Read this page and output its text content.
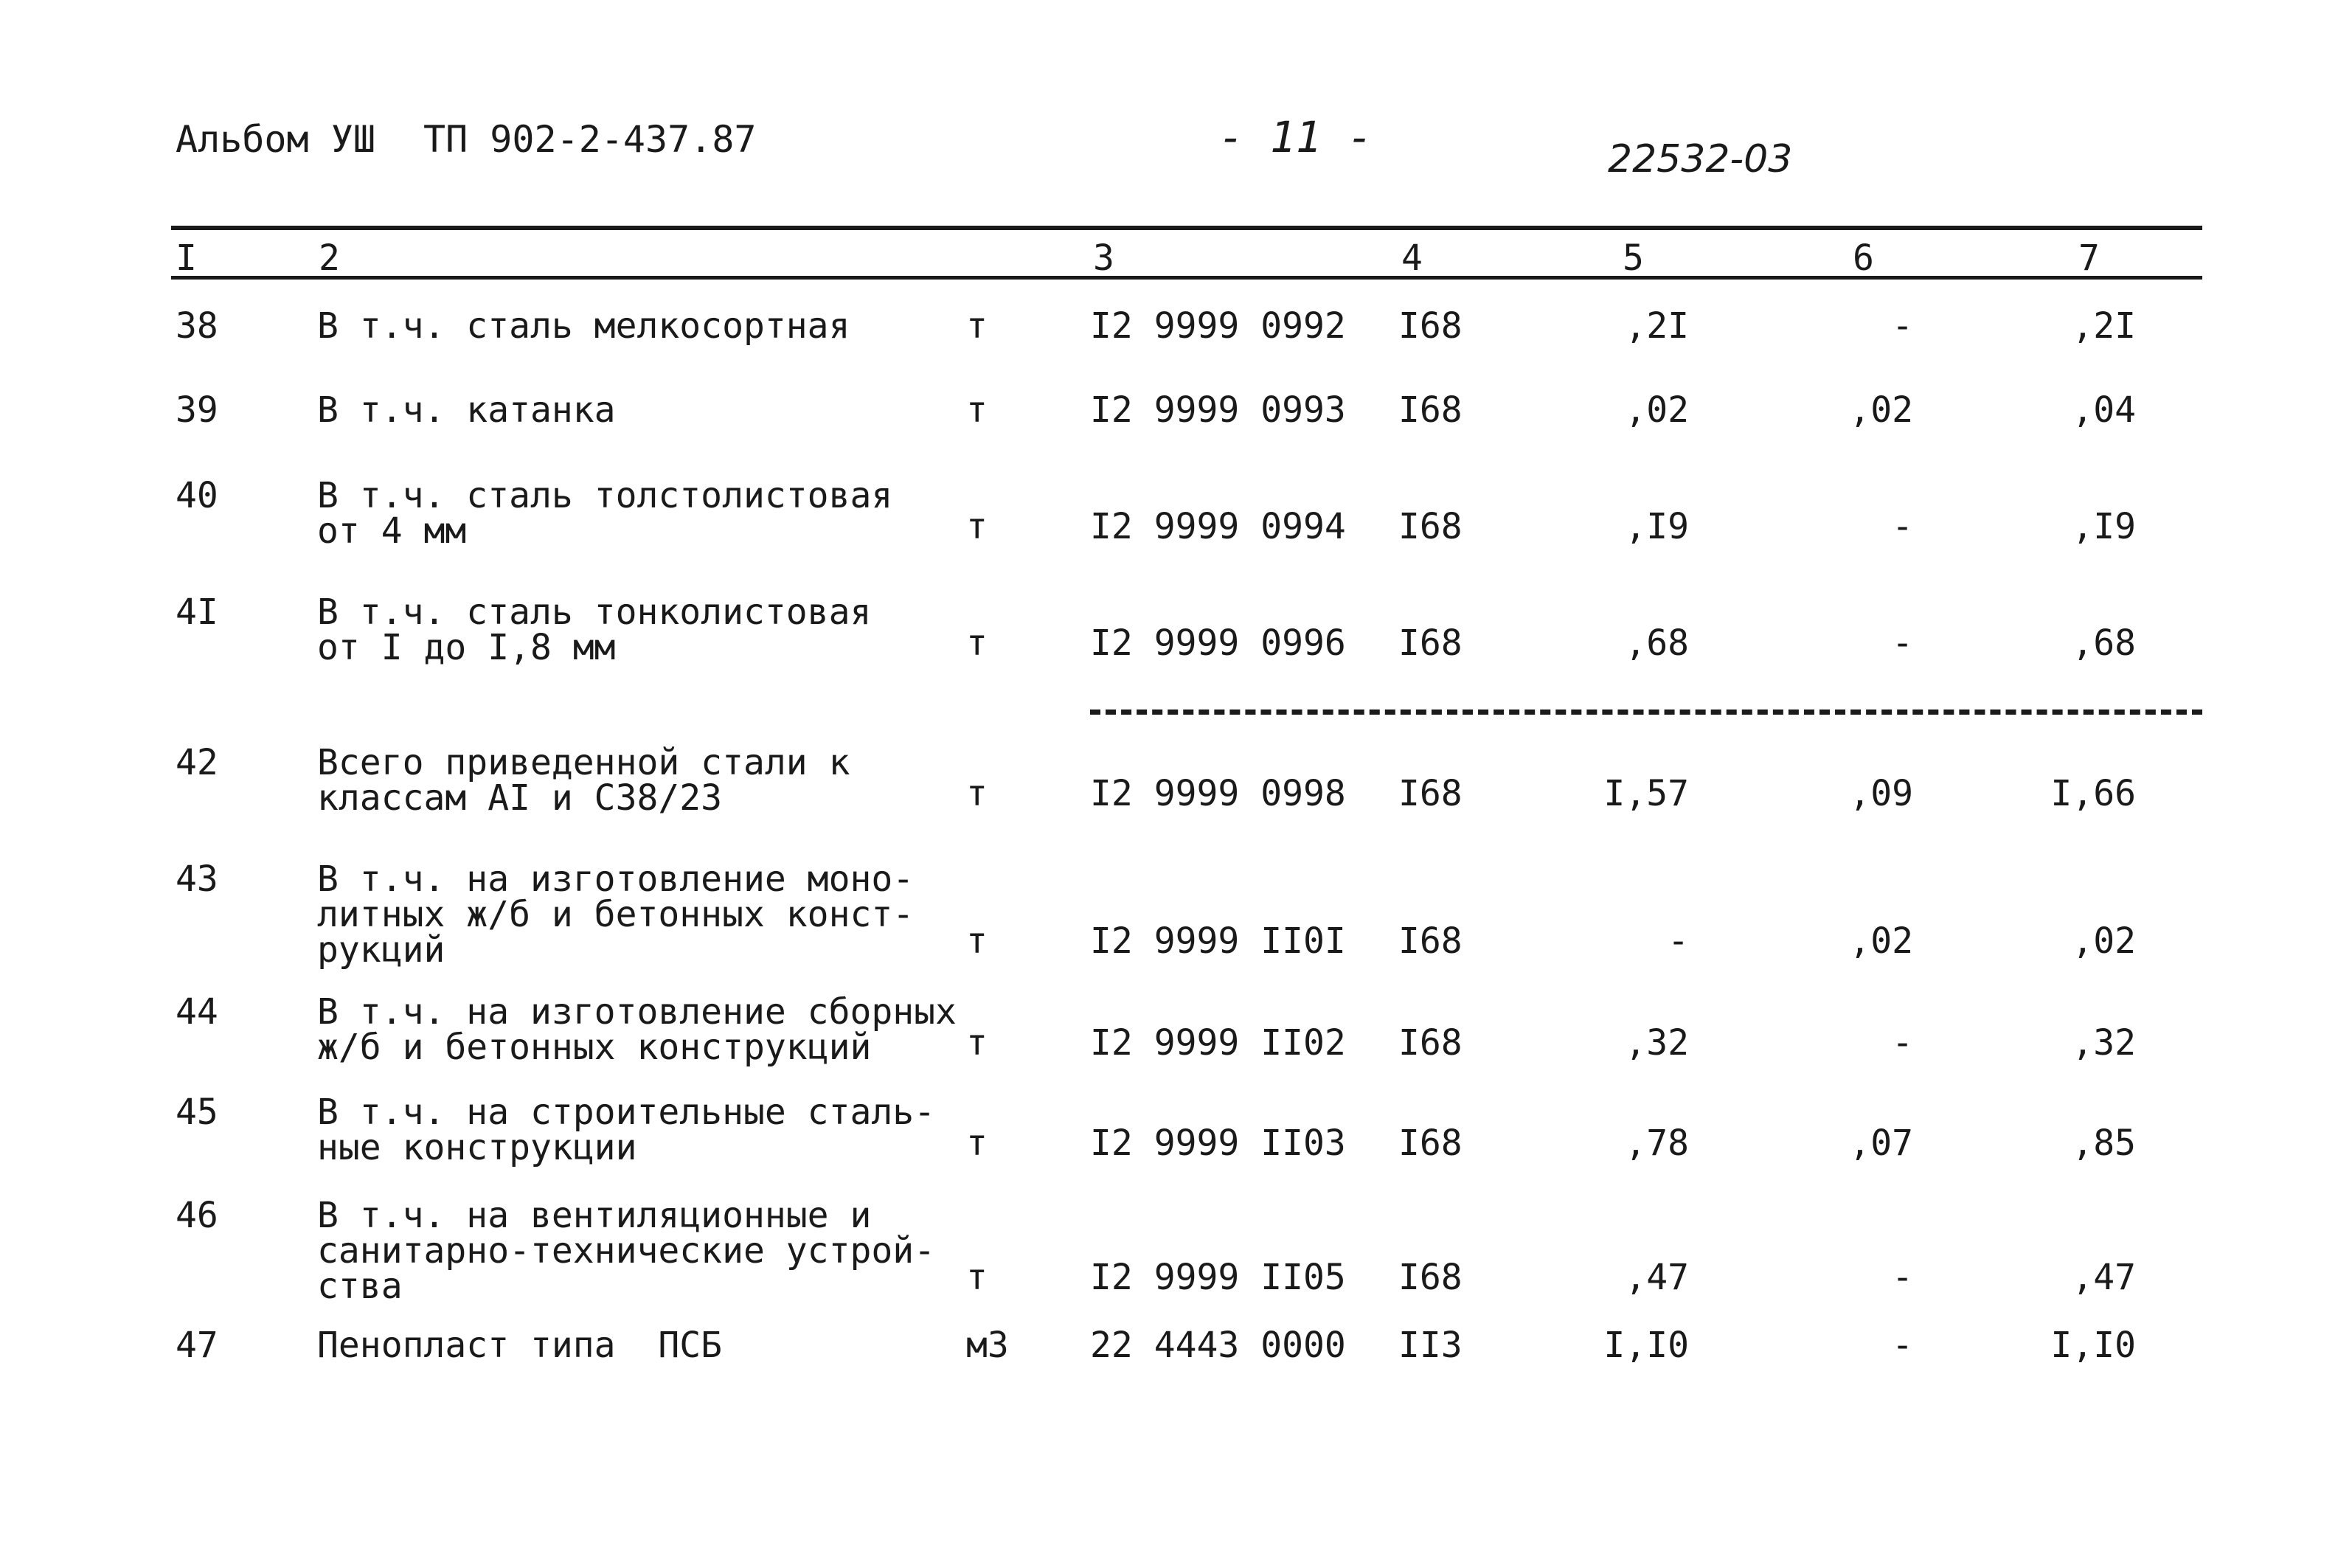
Альбом УШ ТП 902-2-437.87	- 11 -	22532-03
I	2	3	4	5	6	7
38	В т.ч. сталь мелкосортная	т	I2 9999 0992 I68	,2I	-	,2I
39	В т.ч. катанка	т	I2 9999 0993 I68	,02	,02	,04
40	В т.ч. сталь толстолистовая
от 4 мм	т	I2 9999 0994 I68	,I9	-	,I9
4I	В т.ч. сталь тонколистовая
от I до I,8 мм	т	I2 9999 0996 I68	,68	-	,68
42	Всего приведенной стали к
классам АI и С38/23	т	I2 9999 0998 I68	I,57	,09	I,66
43	В т.ч. на изготовление моно-
литных ж/б и бетонных конст-
рукций	т	I2 9999 II0I I68	-	,02	,02
44	В т.ч. на изготовление сборных
ж/б и бетонных конструкций	т	I2 9999 II02 I68	,32	-	,32
45	В т.ч. на строительные сталь-
ные конструкции	т	I2 9999 II03 I68	,78	,07	,85
46	В т.ч. на вентиляционные и
санитарно-технические устрой-
ства	т	I2 9999 II05 I68	,47	-	,47
47	Пенопласт типа  ПСБ	м3 22 4443 0000 II3	I,I0	-	I,I0
